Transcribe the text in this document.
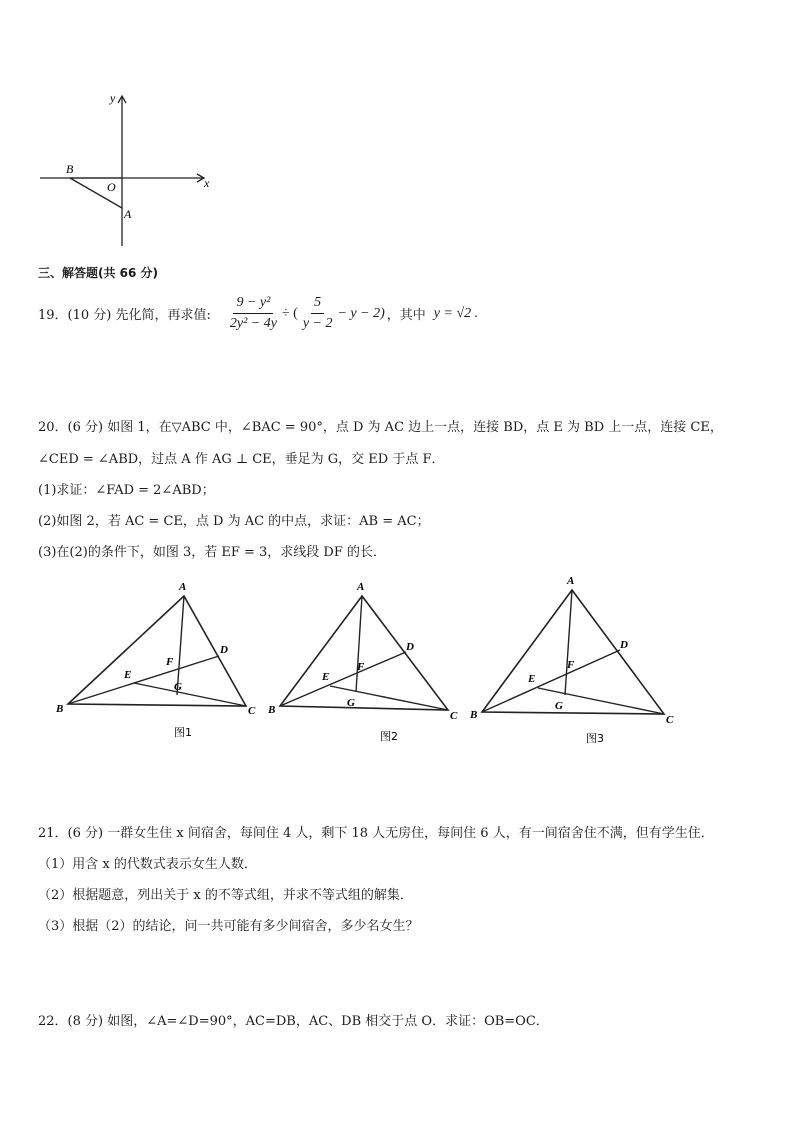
x
y
O
B
A
三、解答题(共 66 分)
19．(10 分) 先化简，再求值: $\frac{\text{9 − y²}}{\text{2y² − 4y}}$ ÷ ( $\frac{5}{y - 2} - y - 2$) ，其中 y = √2 .
20．(6 分) 如图 1，在▽ABC 中，∠BAC = 90°，点 D 为 AC 边上一点，连接 BD，点 E 为 BD 上一点，连接 CE，
∠CED = ∠ABD，过点 A 作 AG ⊥ CE，垂足为 G，交 ED 于点 F．
(1)求证：∠FAD = 2∠ABD；
(2)如图 2，若 AC = CE，点 D 为 AC 的中点，求证：AB = AC；
(3)在(2)的条件下，如图 3，若 EF = 3，求线段 DF 的长．
A
B	C
D
E
F
G
图1
A
B	C
D
E
F
G
图2
A
B	C
D
E
F
G
图3
21．(6 分) 一群女生住 x 间宿舍，每间住 4 人，剩下 18 人无房住，每间住 6 人，有一间宿舍住不满，但有学生住．
（1）用含 x 的代数式表示女生人数．
（2）根据题意，列出关于 x 的不等式组，并求不等式组的解集．
（3）根据（2）的结论，问一共可能有多少间宿舍，多少名女生？
22．(8 分) 如图，∠A=∠D=90°，AC=DB，AC、DB 相交于点 O．求证：OB=OC．
